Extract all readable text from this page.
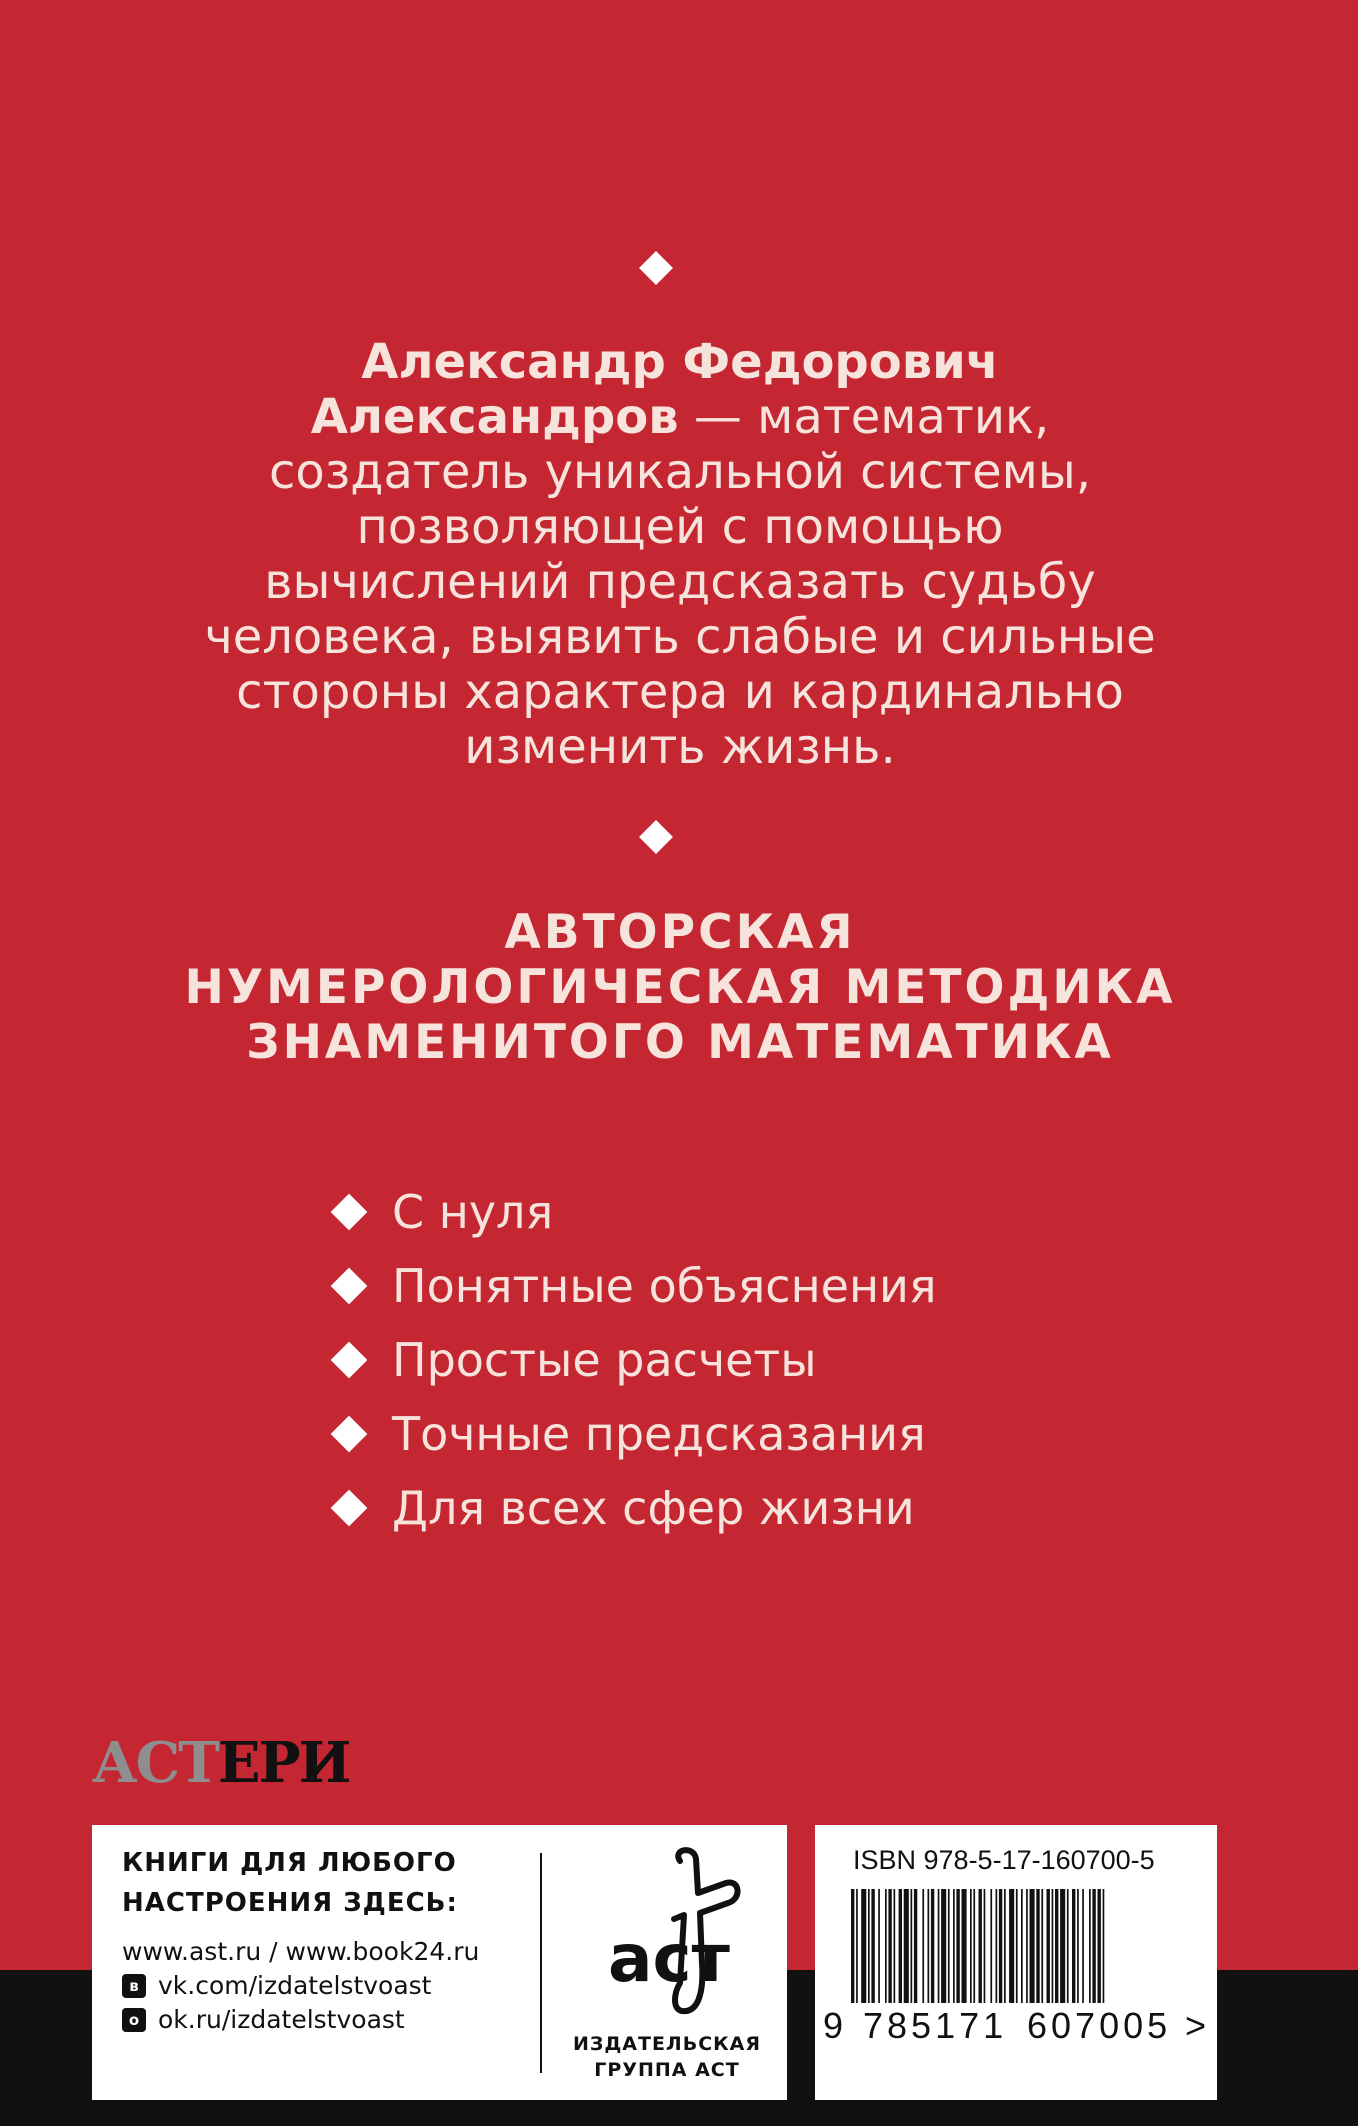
Александр Федорович
Александров — математик,
создатель уникальной системы,
позволяющей с помощью
вычислений предсказать судьбу
человека, выявить слабые и сильные
стороны характера и кардинально
изменить жизнь.
АВТОРСКАЯ
НУМЕРОЛОГИЧЕСКАЯ МЕТОДИКА
ЗНАМЕНИТОГО МАТЕМАТИКА
С нуля
Понятные объяснения
Простые расчеты
Точные предсказания
Для всех сфер жизни
АСТЕРИ
КНИГИ ДЛЯ ЛЮБОГО
НАСТРОЕНИЯ ЗДЕСЬ:
www.ast.ru / www.book24.ru
в vk.com/izdatelstvoast
о ok.ru/izdatelstvoast
аст
ИЗДАТЕЛЬСКАЯ
ГРУППА АСТ
ISBN 978-5-17-160700-5
9 785171 607005 >
